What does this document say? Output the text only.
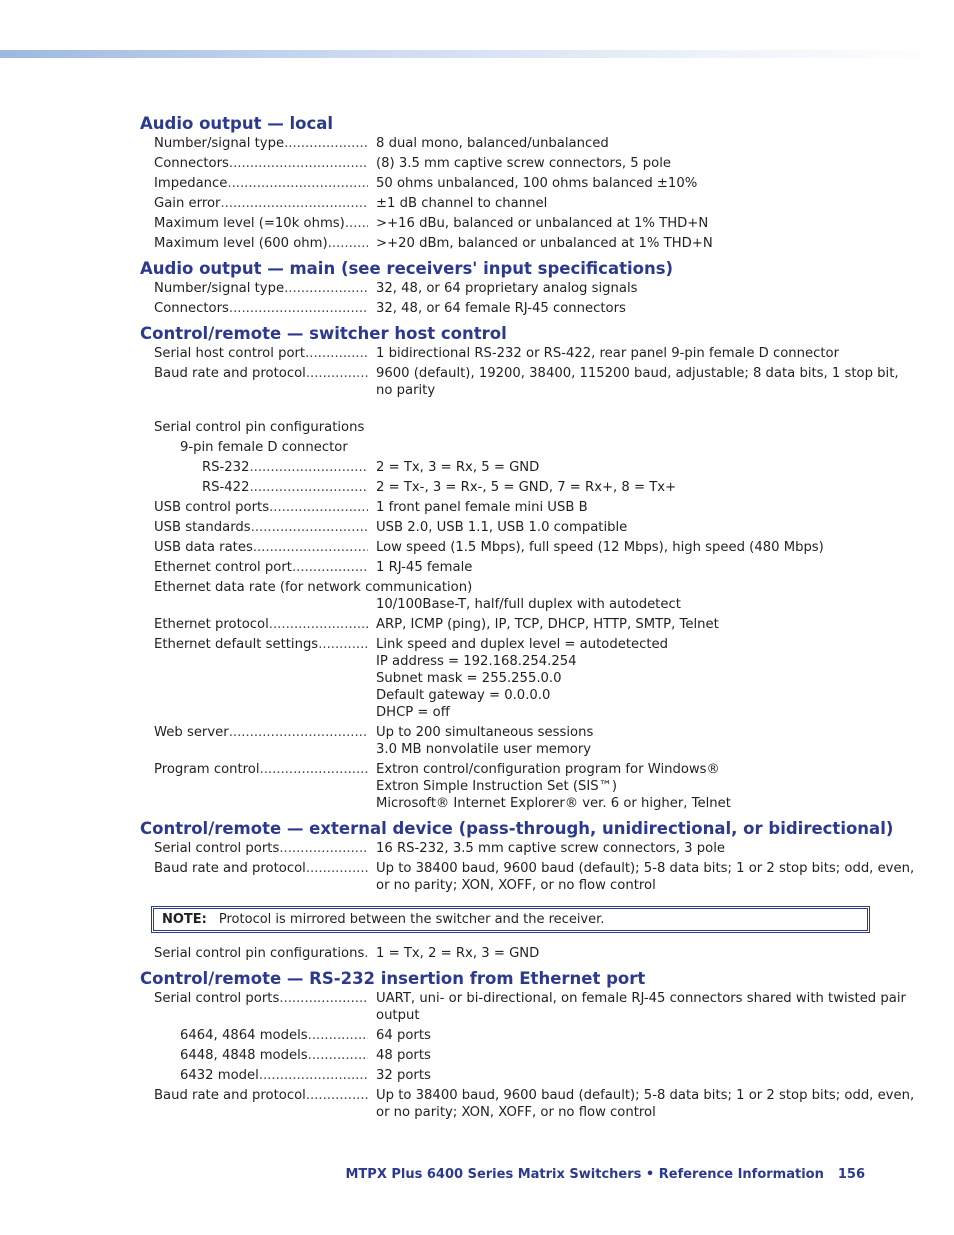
Audio output — local
Number/signal type .....	8 dual mono, balanced/unbalanced
Connectors .....	(8) 3.5 mm captive screw connectors, 5 pole
Impedance .....	50 ohms unbalanced, 100 ohms balanced ±10%
Gain error .....	±1 dB channel to channel
Maximum level (=10k ohms) ..... >+16 dBu, balanced or unbalanced at 1% THD+N
Maximum level (600 ohm) .....	>+20 dBm, balanced or unbalanced at 1% THD+N
Audio output — main (see receivers' input specifications)
Number/signal type .....	32, 48, or 64 proprietary analog signals
Connectors .....	32, 48, or 64 female RJ-45 connectors
Control/remote — switcher host control
Serial host control port .....	1 bidirectional RS-232 or RS-422, rear panel 9-pin female D connector
Baud rate and protocol .....	9600 (default), 19200, 38400, 115200 baud, adjustable; 8 data bits, 1 stop bit,
no parity
Serial control pin configurations
9-pin female D connector
RS-232 .....	2 = Tx, 3 = Rx, 5 = GND
RS-422 .....	2 = Tx-, 3 = Rx-, 5 = GND, 7 = Rx+, 8 = Tx+
USB control ports .....	1 front panel female mini USB B
USB standards .....	USB 2.0, USB 1.1, USB 1.0 compatible
USB data rates .....	Low speed (1.5 Mbps), full speed (12 Mbps), high speed (480 Mbps)
Ethernet control port .....	1 RJ-45 female
Ethernet data rate (for network communication)
10/100Base-T, half/full duplex with autodetect
Ethernet protocol .....	ARP, ICMP (ping), IP, TCP, DHCP, HTTP, SMTP, Telnet
Ethernet default settings .....	Link speed and duplex level = autodetected
IP address = 192.168.254.254
Subnet mask = 255.255.0.0
Default gateway = 0.0.0.0
DHCP = off
Web server .....	Up to 200 simultaneous sessions
3.0 MB nonvolatile user memory
Program control .....	Extron control/configuration program for Windows®
Extron Simple Instruction Set (SIS™)
Microsoft® Internet Explorer® ver. 6 or higher, Telnet
Control/remote — external device (pass-through, unidirectional, or bidirectional)
Serial control ports .....	16 RS-232, 3.5 mm captive screw connectors, 3 pole
Baud rate and protocol .....	Up to 38400 baud, 9600 baud (default); 5-8 data bits; 1 or 2 stop bits; odd, even,
or no parity; XON, XOFF, or no flow control
NOTE: Protocol is mirrored between the switcher and the receiver.
Serial control pin configurations ..... 1 = Tx, 2 = Rx, 3 = GND
Control/remote — RS-232 insertion from Ethernet port
Serial control ports .....	UART, uni- or bi-directional, on female RJ-45 connectors shared with twisted pair
output
6464, 4864 models .....	64 ports
6448, 4848 models .....	48 ports
6432 model .....	32 ports
Baud rate and protocol .....	Up to 38400 baud, 9600 baud (default); 5-8 data bits; 1 or 2 stop bits; odd, even,
or no parity; XON, XOFF, or no flow control
MTPX Plus 6400 Series Matrix Switchers • Reference Information 156
